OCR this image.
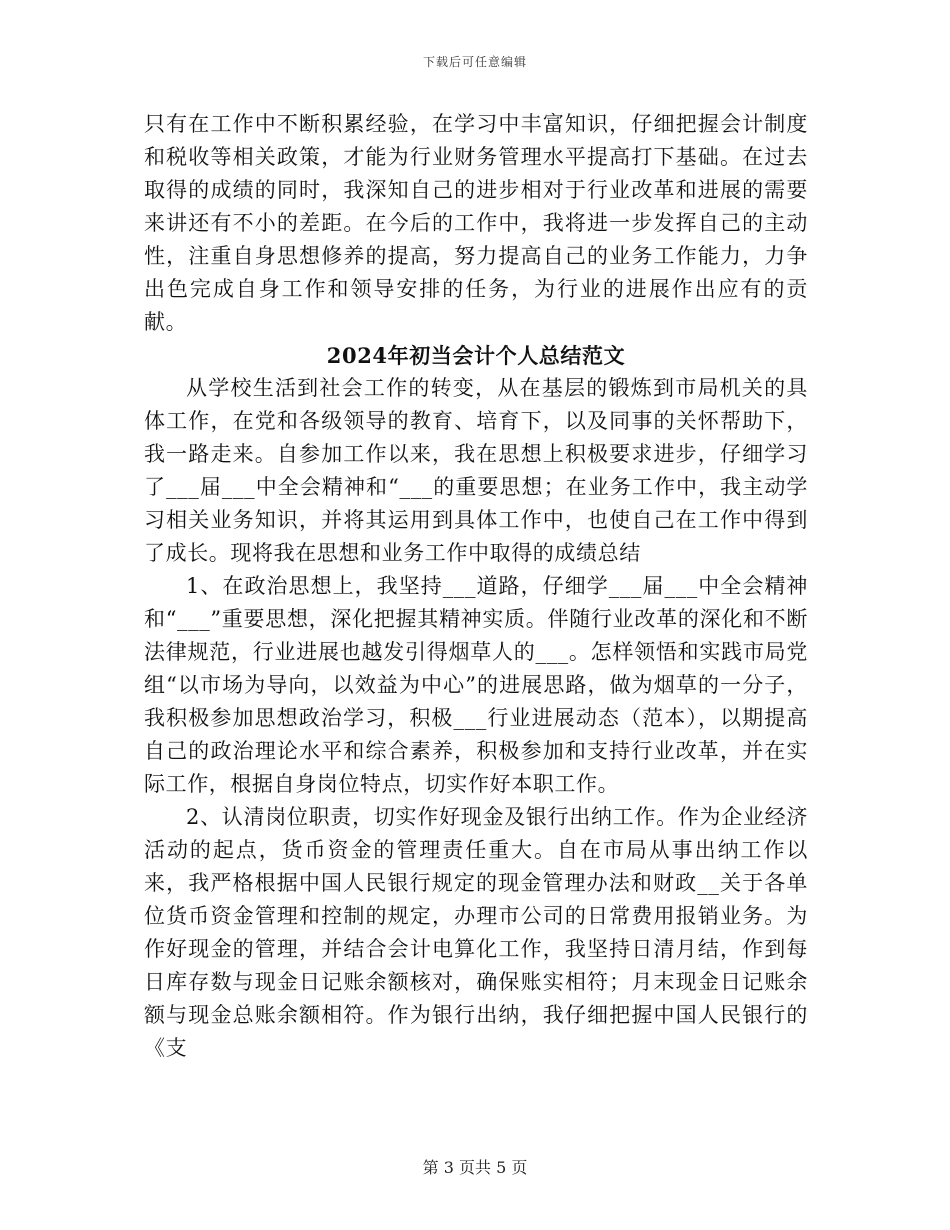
下载后可任意编辑

只有在工作中不断积累经验，在学习中丰富知识，仔细把握会计制度和税收等相关政策，才能为行业财务管理水平提高打下基础。在过去取得的成绩的同时，我深知自己的进步相对于行业改革和进展的需要来讲还有不小的差距。在今后的工作中，我将进一步发挥自己的主动性，注重自身思想修养的提高，努力提高自己的业务工作能力，力争出色完成自身工作和领导安排的任务，为行业的进展作出应有的贡献。

2024年初当会计个人总结范文

从学校生活到社会工作的转变，从在基层的锻炼到市局机关的具体工作，在党和各级领导的教育、培育下，以及同事的关怀帮助下，我一路走来。自参加工作以来，我在思想上积极要求进步，仔细学习了___届___中全会精神和“___的重要思想；在业务工作中，我主动学习相关业务知识，并将其运用到具体工作中，也使自己在工作中得到了成长。现将我在思想和业务工作中取得的成绩总结

1、在政治思想上，我坚持___道路，仔细学___届___中全会精神和“___”重要思想，深化把握其精神实质。伴随行业改革的深化和不断法律规范，行业进展也越发引得烟草人的___。怎样领悟和实践市局党组“以市场为导向，以效益为中心”的进展思路，做为烟草的一分子，我积极参加思想政治学习，积极___行业进展动态（范本），以期提高自己的政治理论水平和综合素养，积极参加和支持行业改革，并在实际工作，根据自身岗位特点，切实作好本职工作。

2、认清岗位职责，切实作好现金及银行出纳工作。作为企业经济活动的起点，货币资金的管理责任重大。自在市局从事出纳工作以来，我严格根据中国人民银行规定的现金管理办法和财政__关于各单位货币资金管理和控制的规定，办理市公司的日常费用报销业务。为作好现金的管理，并结合会计电算化工作，我坚持日清月结，作到每日库存数与现金日记账余额核对，确保账实相符；月末现金日记账余额与现金总账余额相符。作为银行出纳，我仔细把握中国人民银行的《支

第 3 页共 5 页
